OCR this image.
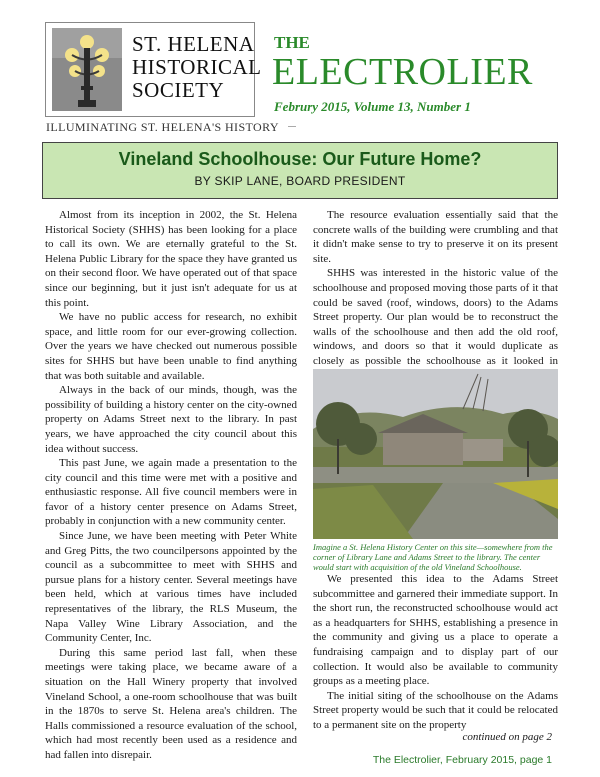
ST. HELENA
HISTORICAL
SOCIETY
ILLUMINATING ST. HELENA'S HISTORY
THE
ELECTROLIER
Februry 2015, Volume 13, Number 1
Vineland Schoolhouse: Our Future Home?
BY SKIP LANE, BOARD PRESIDENT

Almost from its inception in 2002, the St. Helena Historical Society (SHHS) has been looking for a place to call its own. We are eternally grateful to the St. Helena Public Library for the space they have granted us on their second floor. We have operated out of that space since our beginning, but it just isn't adequate for us at this point.

We have no public access for research, no exhibit space, and little room for our ever-growing collection. Over the years we have checked out numerous possible sites for SHHS but have been unable to find anything that was both suitable and available.

Always in the back of our minds, though, was the possibility of building a history center on the city-owned property on Adams Street next to the library. In past years, we have approached the city council about this idea without success.

This past June, we again made a presentation to the city council and this time were met with a positive and enthusiastic response. All five council members were in favor of a history center presence on Adams Street, probably in conjunction with a new community center.

Since June, we have been meeting with Peter White and Greg Pitts, the two councilpersons appointed by the council as a subcommittee to meet with SHHS and pursue plans for a history center. Several meetings have been held, which at various times have included representatives of the library, the RLS Museum, the Napa Valley Wine Library Association, and the Community Center, Inc.

During this same period last fall, when these meetings were taking place, we became aware of a situation on the Hall Winery property that involved Vineland School, a one-room schoolhouse that was built in the 1870s to serve St. Helena area's children. The Halls commissioned a resource evaluation of the school, which had most recently been used as a residence and had fallen into disrepair.

The resource evaluation essentially said that the concrete walls of the building were crumbling and that it didn't make sense to try to preserve it on its present site.

SHHS was interested in the historic value of the schoolhouse and proposed moving those parts of it that could be saved (roof, windows, doors) to the Adams Street property. Our plan would be to reconstruct the walls of the schoolhouse and then add the old roof, windows, and doors so that it would duplicate as closely as possible the schoolhouse as it looked in

Imagine a St. Helena History Center on this site—somewhere from the corner of Library Lane and Adams Street to the library. The center would start with acquisition of the old Vineland Schoolhouse.

We presented this idea to the Adams Street subcommittee and garnered their immediate support. In the short run, the reconstructed schoolhouse would act as a headquarters for SHHS, establishing a presence in the community and giving us a place to operate a fundraising campaign and to display part of our collection. It would also be available to community groups as a meeting place.

The initial siting of the schoolhouse on the Adams Street property would be such that it could be relocated to a permanent site on the property

continued on page 2
The Electrolier, February 2015, page 1
